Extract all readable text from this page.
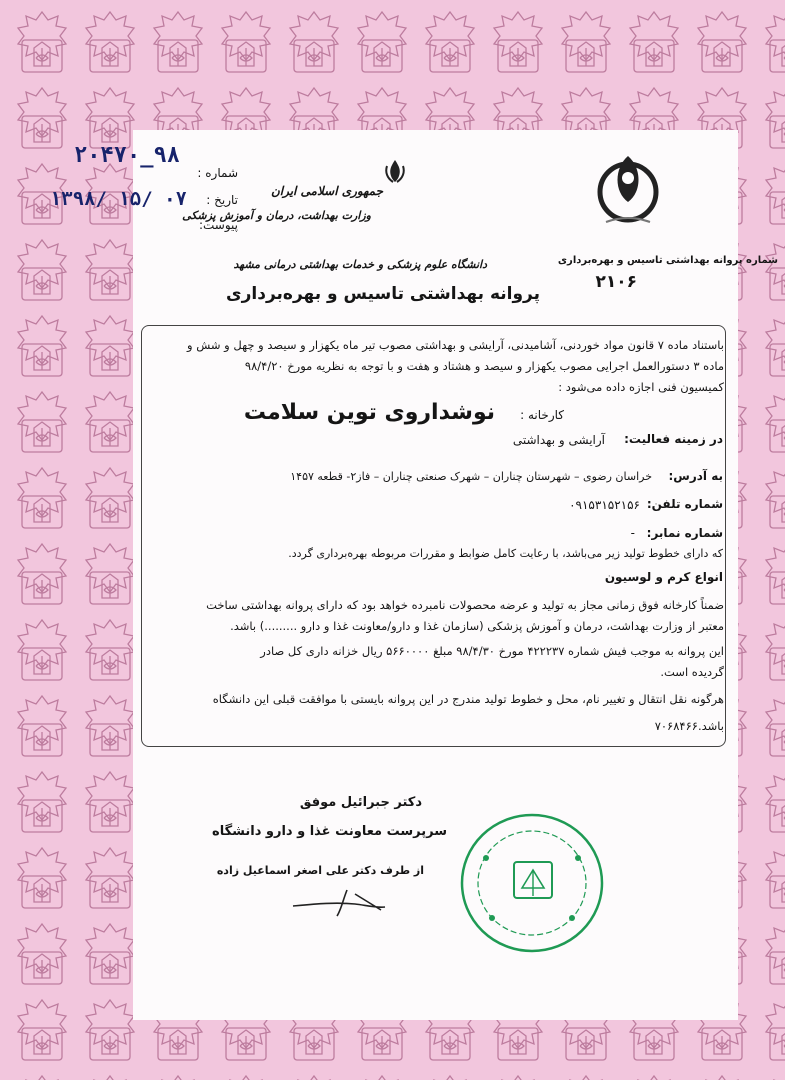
شماره :
۹۸_۲۰۴۷۰
تاریخ :
۱۳۹۸/ ۱۵/ ۰۷
پیوست:
جمهوری اسلامی ایران
وزارت بهداشت، درمان و آموزش پزشکی
دانشگاه علوم پزشکی و خدمات بهداشتی درمانی مشهد	شماره پروانه بهداشتی تاسیس و بهره‌برداری
۲۱۰۶
پروانه بهداشتی تاسیس و بهره‌برداری
باستناد ماده ۷ قانون مواد خوردنی، آشامیدنی، آرایشی و بهداشتی مصوب تیر ماه یکهزار و سیصد و چهل و شش و
ماده ۳ دستورالعمل اجرایی مصوب یکهزار و سیصد و هشتاد و هفت و با توجه به نظریه مورخ ۹۸/۴/۲۰
کمیسیون فنی اجازه داده می‌شود :
کارخانه :
نوشداروی توین سلامت
در زمینه فعالیت:
آرایشی و بهداشتی
به آدرس:
خراسان رضوی – شهرستان چناران – شهرک صنعتی چناران – فاز۲- قطعه ۱۴۵۷
شماره تلفن:
۰۹۱۵۳۱۵۲۱۵۶
شماره نمابر:
-
که دارای خطوط تولید زیر می‌باشد، با رعایت کامل ضوابط و مقررات مربوطه بهره‌برداری گردد.
انواع کرم و لوسیون
ضمناً کارخانه فوق زمانی مجاز به تولید و عرضه محصولات نامبرده خواهد بود که دارای پروانه بهداشتی ساخت
معتبر از وزارت بهداشت، درمان و آموزش پزشکی (سازمان غذا و دارو/معاونت غذا و دارو .........) باشد.
این پروانه به موجب فیش شماره ۴۲۲۲۳۷ مورخ ۹۸/۴/۳۰ مبلغ ۵۶۶۰۰۰۰ ریال خزانه داری کل صادر
گردیده است.
هرگونه نقل انتقال و تغییر نام، محل و خطوط تولید مندرج در این پروانه بایستی با موافقت قبلی این دانشگاه
باشد.۷۰۶۸۴۶۶
دکتر جبرائیل موفق
سرپرست معاونت غذا و دارو دانشگاه
از طرف دکتر علی اصغر اسماعیل زاده
